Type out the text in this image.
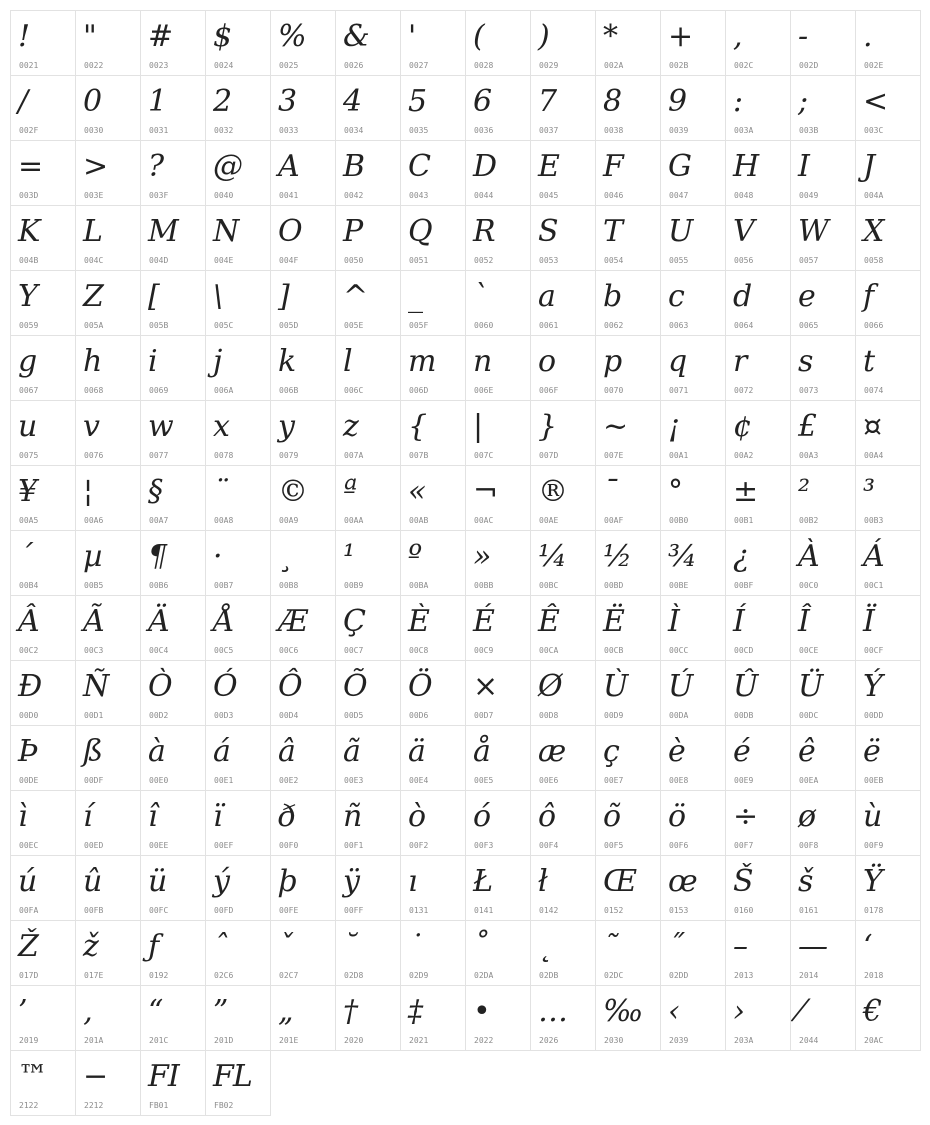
!
0021
"
0022
#
0023
$
0024
%
0025
&
0026
'
0027
(
0028
)
0029
*
002A
+
002B
,
002C
-
002D
.
002E
/
002F
0
0030
1
0031
2
0032
3
0033
4
0034
5
0035
6
0036
7
0037
8
0038
9
0039
:
003A
;
003B
<
003C
=
003D
>
003E
?
003F
@
0040
A
0041
B
0042
C
0043
D
0044
E
0045
F
0046
G
0047
H
0048
I
0049
J
004A
K
004B
L
004C
M
004D
N
004E
O
004F
P
0050
Q
0051
R
0052
S
0053
T
0054
U
0055
V
0056
W
0057
X
0058
Y
0059
Z
005A
[
005B
\
005C
]
005D
^
005E
_
005F
`
0060
a
0061
b
0062
c
0063
d
0064
e
0065
f
0066
g
0067
h
0068
i
0069
j
006A
k
006B
l
006C
m
006D
n
006E
o
006F
p
0070
q
0071
r
0072
s
0073
t
0074
u
0075
v
0076
w
0077
x
0078
y
0079
z
007A
{
007B
|
007C
}
007D
~
007E
¡
00A1
¢
00A2
£
00A3
¤
00A4
¥
00A5
¦
00A6
§
00A7
¨
00A8
©
00A9
ª
00AA
«
00AB
¬
00AC
®
00AE
¯
00AF
°
00B0
±
00B1
²
00B2
³
00B3
´
00B4
µ
00B5
¶
00B6
·
00B7
¸
00B8
¹
00B9
º
00BA
»
00BB
¼
00BC
½
00BD
¾
00BE
¿
00BF
À
00C0
Á
00C1
Â
00C2
Ã
00C3
Ä
00C4
Å
00C5
Æ
00C6
Ç
00C7
È
00C8
É
00C9
Ê
00CA
Ë
00CB
Ì
00CC
Í
00CD
Î
00CE
Ï
00CF
Ð
00D0
Ñ
00D1
Ò
00D2
Ó
00D3
Ô
00D4
Õ
00D5
Ö
00D6
×
00D7
Ø
00D8
Ù
00D9
Ú
00DA
Û
00DB
Ü
00DC
Ý
00DD
Þ
00DE
ß
00DF
à
00E0
á
00E1
â
00E2
ã
00E3
ä
00E4
å
00E5
æ
00E6
ç
00E7
è
00E8
é
00E9
ê
00EA
ë
00EB
ì
00EC
í
00ED
î
00EE
ï
00EF
ð
00F0
ñ
00F1
ò
00F2
ó
00F3
ô
00F4
õ
00F5
ö
00F6
÷
00F7
ø
00F8
ù
00F9
ú
00FA
û
00FB
ü
00FC
ý
00FD
þ
00FE
ÿ
00FF
ı
0131
Ł
0141
ł
0142
Œ
0152
œ
0153
Š
0160
š
0161
Ÿ
0178
Ž
017D
ž
017E
ƒ
0192
ˆ
02C6
ˇ
02C7
˘
02D8
˙
02D9
˚
02DA
˛
02DB
˜
02DC
˝
02DD
–
2013
—
2014
‘
2018
’
2019
‚
201A
“
201C
”
201D
„
201E
†
2020
‡
2021
•
2022
…
2026
‰
2030
‹
2039
›
203A
⁄
2044
€
20AC
™
2122
−
2212
FI
FB01
FL
FB02
